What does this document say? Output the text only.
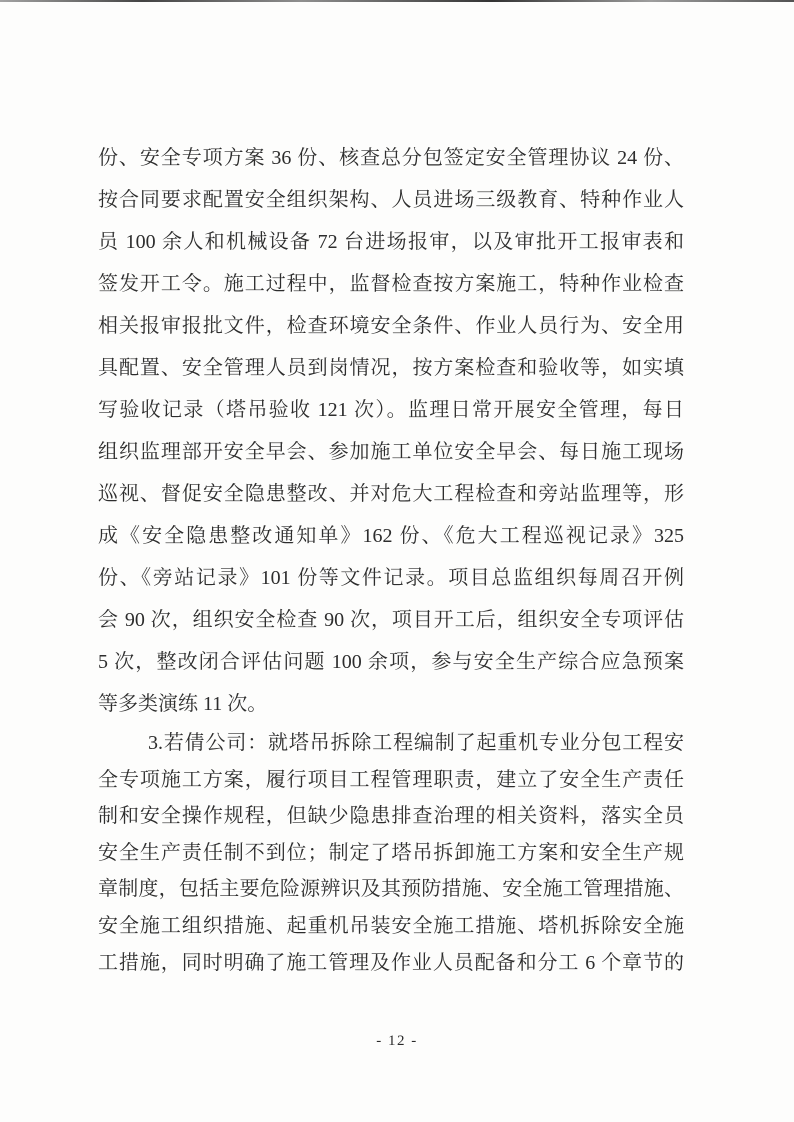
份、安全专项方案 36 份、核查总分包签定安全管理协议 24 份、
按合同要求配置安全组织架构、人员进场三级教育、特种作业人
员 100 余人和机械设备 72 台进场报审，以及审批开工报审表和
签发开工令。施工过程中，监督检查按方案施工，特种作业检查
相关报审报批文件，检查环境安全条件、作业人员行为、安全用
具配置、安全管理人员到岗情况，按方案检查和验收等，如实填
写验收记录（塔吊验收 121 次）。监理日常开展安全管理，每日
组织监理部开安全早会、参加施工单位安全早会、每日施工现场
巡视、督促安全隐患整改、并对危大工程检查和旁站监理等，形
成《安全隐患整改通知单》162 份、《危大工程巡视记录》325
份、《旁站记录》101 份等文件记录。项目总监组织每周召开例
会 90 次，组织安全检查 90 次，项目开工后，组织安全专项评估
5 次，整改闭合评估问题 100 余项，参与安全生产综合应急预案
等多类演练 11 次。
3.若倩公司：就塔吊拆除工程编制了起重机专业分包工程安
全专项施工方案，履行项目工程管理职责，建立了安全生产责任
制和安全操作规程，但缺少隐患排查治理的相关资料，落实全员
安全生产责任制不到位；制定了塔吊拆卸施工方案和安全生产规
章制度，包括主要危险源辨识及其预防措施、安全施工管理措施、
安全施工组织措施、起重机吊装安全施工措施、塔机拆除安全施
工措施，同时明确了施工管理及作业人员配备和分工 6 个章节的
- 12 -
